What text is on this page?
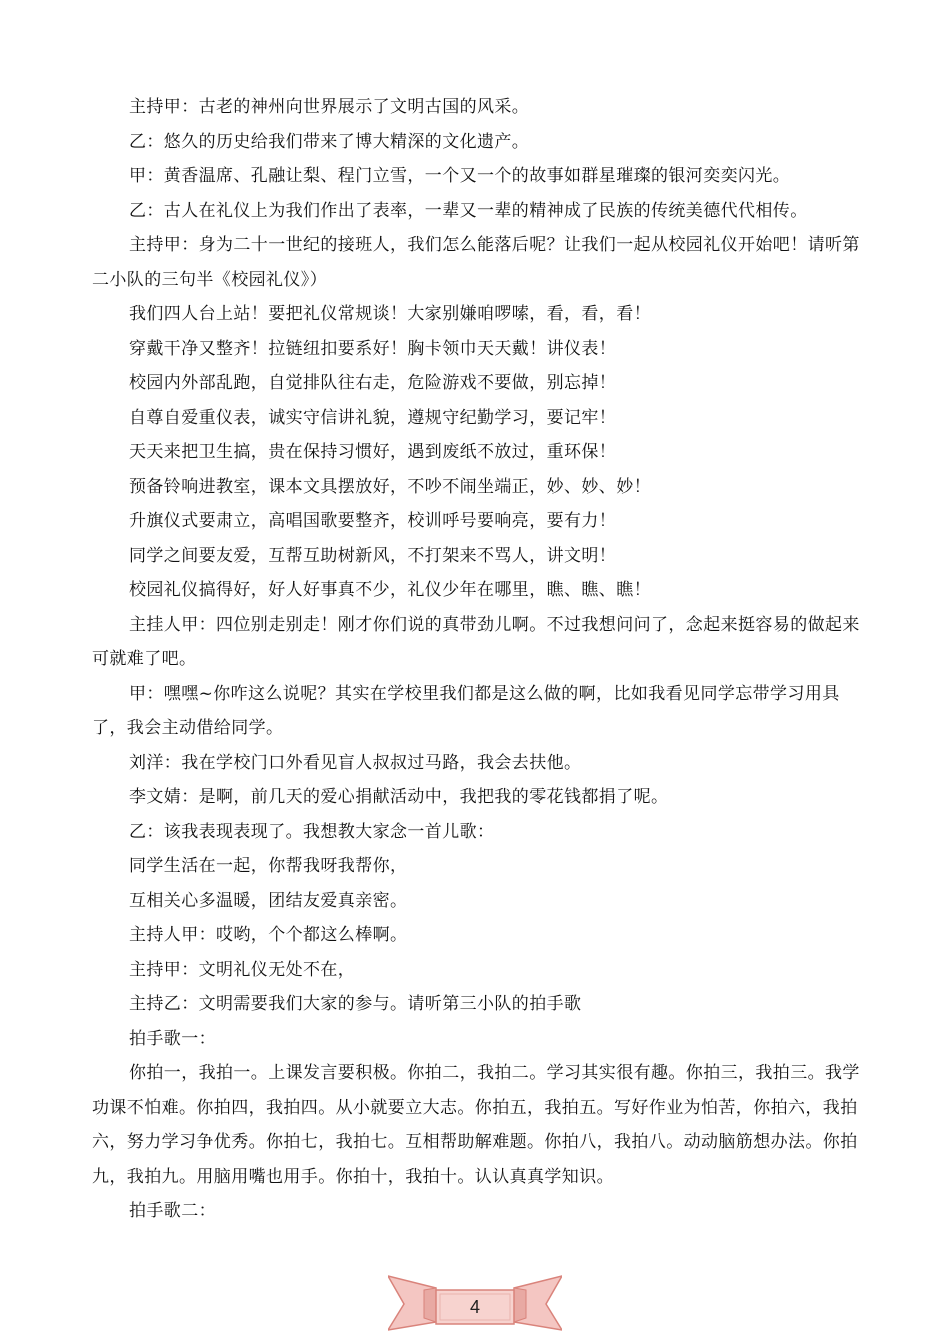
主持甲：古老的神州向世界展示了文明古国的风采。

乙：悠久的历史给我们带来了博大精深的文化遗产。

甲：黄香温席、孔融让梨、程门立雪，一个又一个的故事如群星璀璨的银河奕奕闪光。

乙：古人在礼仪上为我们作出了表率，一辈又一辈的精神成了民族的传统美德代代相传。

主持甲：身为二十一世纪的接班人，我们怎么能落后呢？让我们一起从校园礼仪开始吧！请听第二小队的三句半《校园礼仪》）

我们四人台上站！要把礼仪常规谈！大家别嫌咱啰嗦，看，看，看！

穿戴干净又整齐！拉链纽扣要系好！胸卡领巾天天戴！讲仪表！

校园内外部乱跑，自觉排队往右走，危险游戏不要做，别忘掉！

自尊自爱重仪表，诚实守信讲礼貌，遵规守纪勤学习，要记牢！

天天来把卫生搞，贵在保持习惯好，遇到废纸不放过，重环保！

预备铃响进教室，课本文具摆放好，不吵不闹坐端正，妙、妙、妙！

升旗仪式要肃立，高唱国歌要整齐，校训呼号要响亮，要有力！

同学之间要友爱，互帮互助树新风，不打架来不骂人，讲文明！

校园礼仪搞得好，好人好事真不少，礼仪少年在哪里，瞧、瞧、瞧！

主挂人甲：四位别走别走！刚才你们说的真带劲儿啊。不过我想问问了，念起来挺容易的做起来可就难了吧。

甲：嘿嘿~你咋这么说呢？其实在学校里我们都是这么做的啊，比如我看见同学忘带学习用具了，我会主动借给同学。

刘洋：我在学校门口外看见盲人叔叔过马路，我会去扶他。

李文婧：是啊，前几天的爱心捐献活动中，我把我的零花钱都捐了呢。

乙：该我表现表现了。我想教大家念一首儿歌：

同学生活在一起，你帮我呀我帮你，

互相关心多温暖，团结友爱真亲密。

主持人甲：哎哟，个个都这么棒啊。

主持甲：文明礼仪无处不在，

主持乙：文明需要我们大家的参与。请听第三小队的拍手歌

拍手歌一：

你拍一，我拍一。上课发言要积极。你拍二，我拍二。学习其实很有趣。你拍三，我拍三。我学功课不怕难。你拍四，我拍四。从小就要立大志。你拍五，我拍五。写好作业为怕苦，你拍六，我拍六，努力学习争优秀。你拍七，我拍七。互相帮助解难题。你拍八，我拍八。动动脑筋想办法。你拍九，我拍九。用脑用嘴也用手。你拍十，我拍十。认认真真学知识。

拍手歌二：

4
